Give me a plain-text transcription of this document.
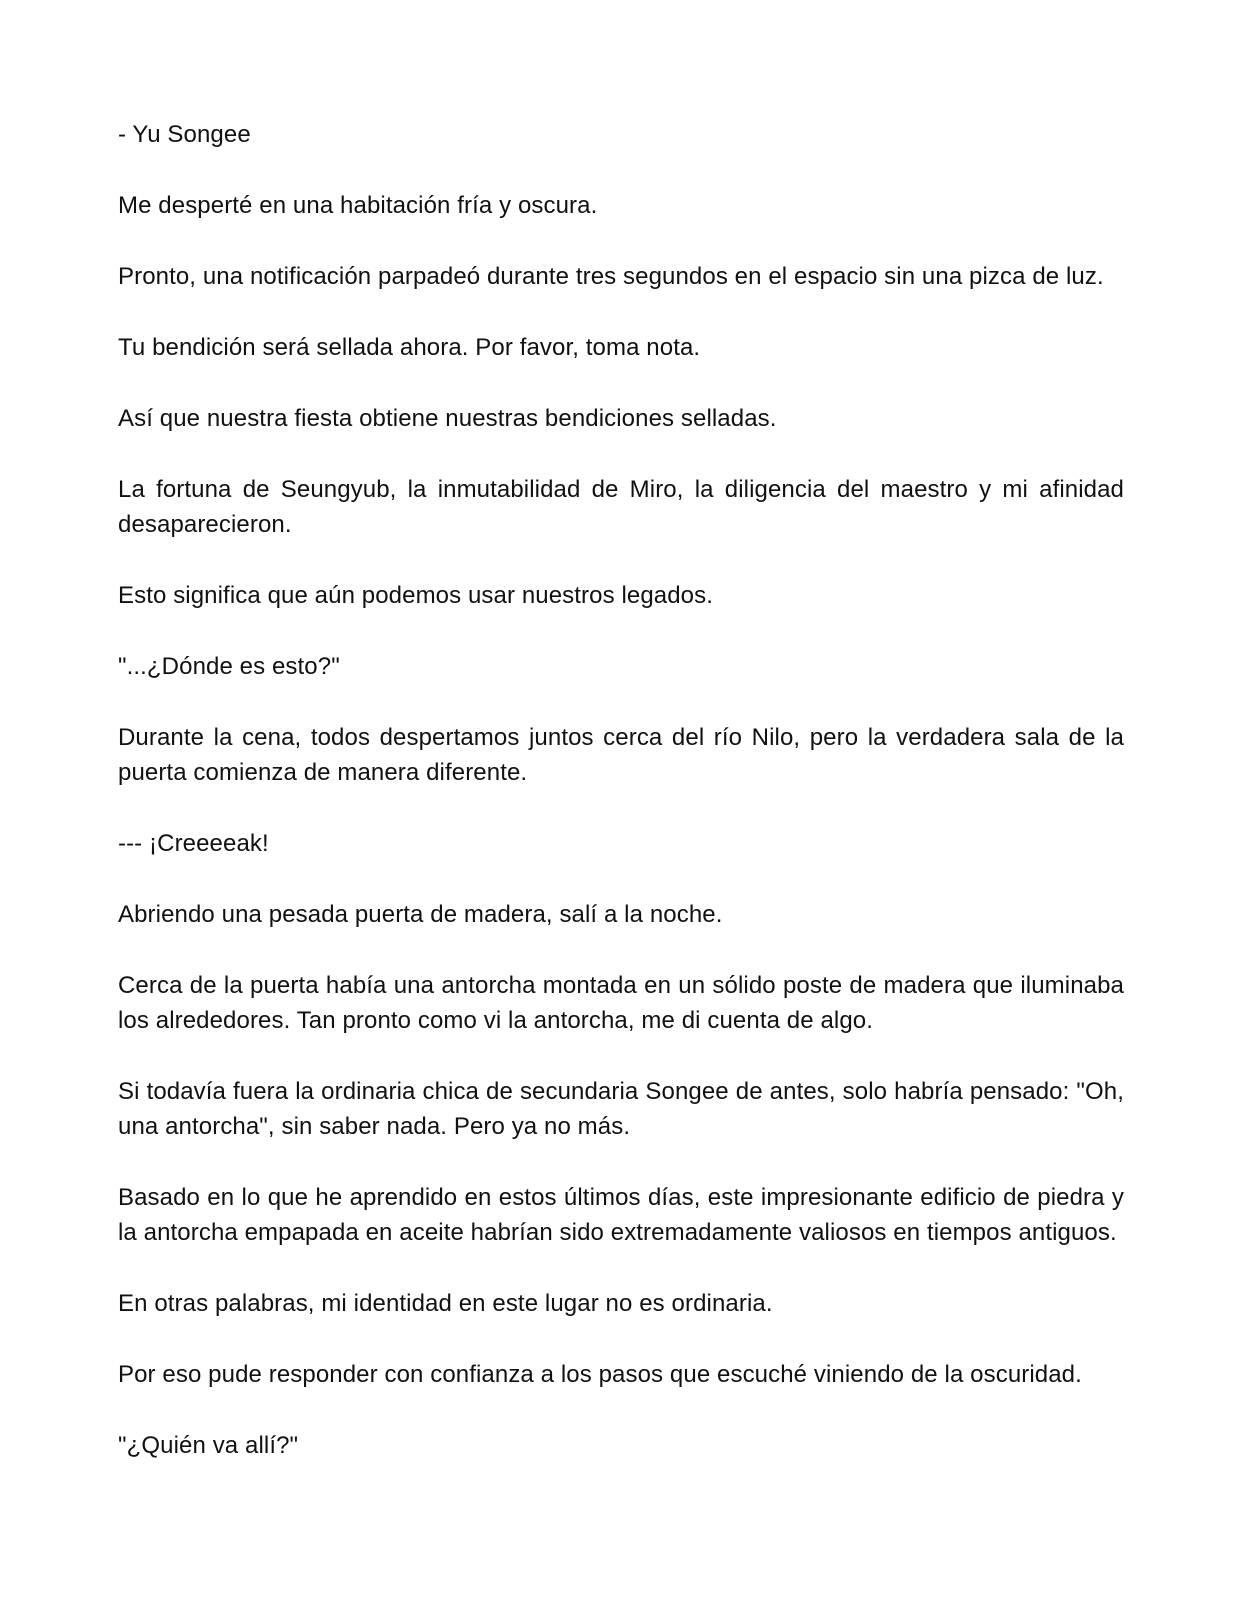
- Yu Songee

Me desperté en una habitación fría y oscura.

Pronto, una notificación parpadeó durante tres segundos en el espacio sin una pizca de luz.

Tu bendición será sellada ahora. Por favor, toma nota.

Así que nuestra fiesta obtiene nuestras bendiciones selladas.

La fortuna de Seungyub, la inmutabilidad de Miro, la diligencia del maestro y mi afinidad desaparecieron.

Esto significa que aún podemos usar nuestros legados.

"...¿Dónde es esto?"

Durante la cena, todos despertamos juntos cerca del río Nilo, pero la verdadera sala de la puerta comienza de manera diferente.

--- ¡Creeeeak!

Abriendo una pesada puerta de madera, salí a la noche.

Cerca de la puerta había una antorcha montada en un sólido poste de madera que iluminaba los alrededores. Tan pronto como vi la antorcha, me di cuenta de algo.

Si todavía fuera la ordinaria chica de secundaria Songee de antes, solo habría pensado: "Oh, una antorcha", sin saber nada. Pero ya no más.

Basado en lo que he aprendido en estos últimos días, este impresionante edificio de piedra y la antorcha empapada en aceite habrían sido extremadamente valiosos en tiempos antiguos.

En otras palabras, mi identidad en este lugar no es ordinaria.

Por eso pude responder con confianza a los pasos que escuché viniendo de la oscuridad.

"¿Quién va allí?"
